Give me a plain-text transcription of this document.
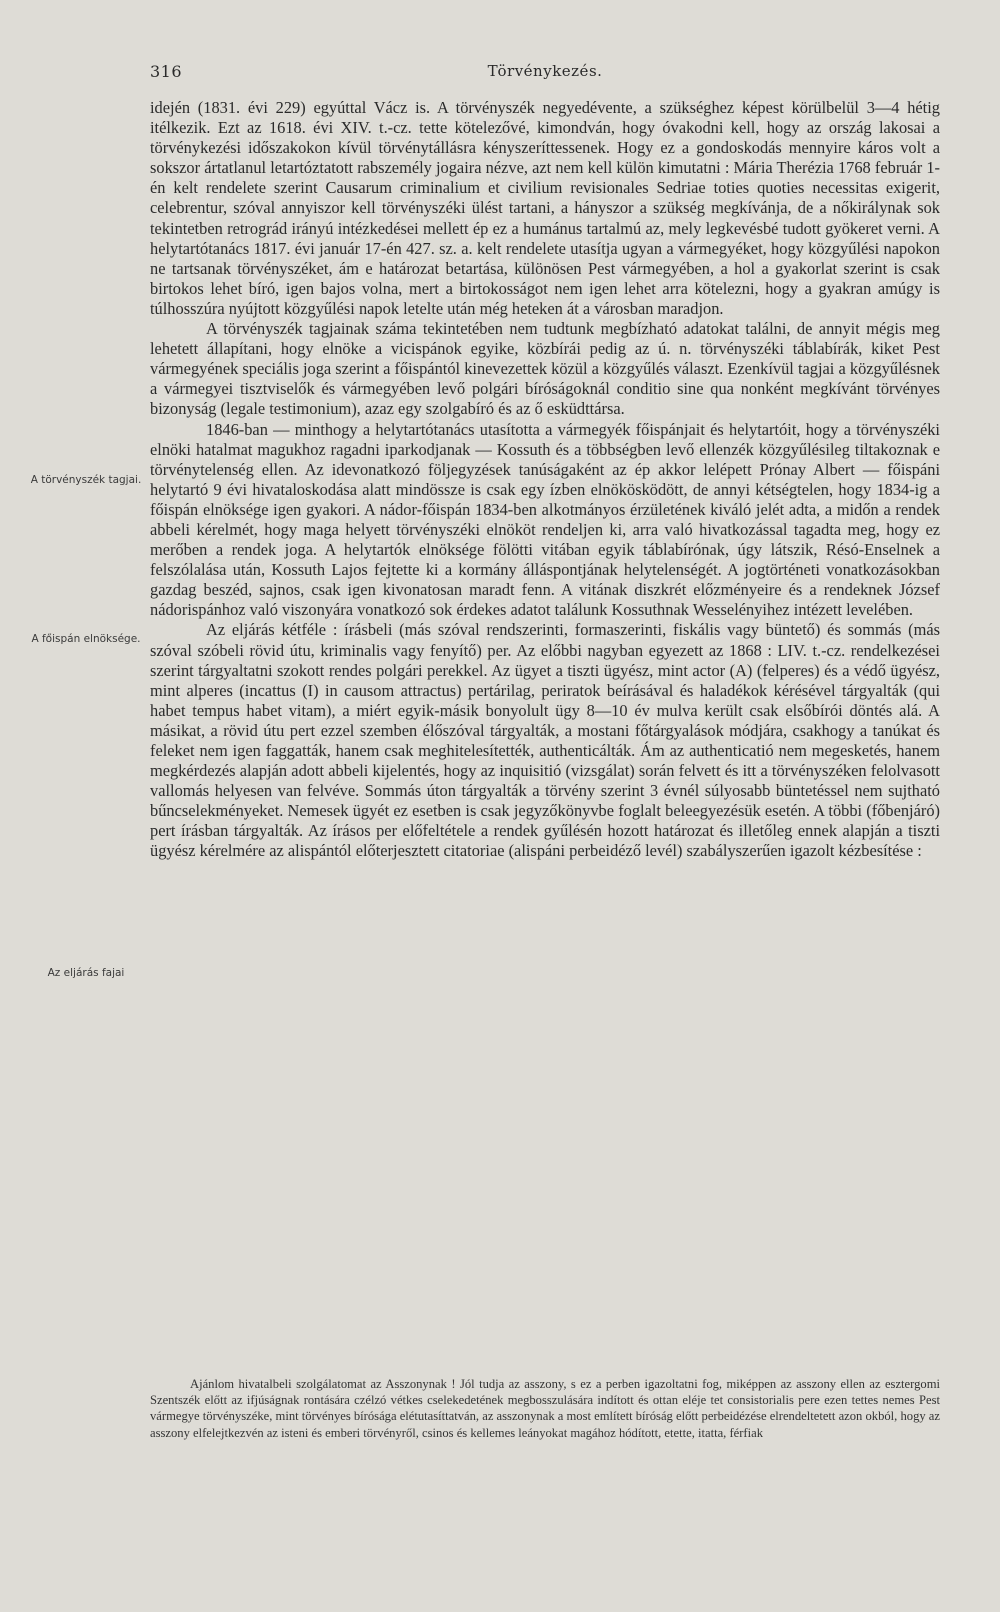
316	Törvénykezés.
A törvényszék tagjai.
A főispán elnöksége.
Az eljárás fajai

idején (1831. évi 229) egyúttal Vácz is. A törvényszék negyedévente, a szükséghez képest körülbelül 3—4 hétig itélkezik. Ezt az 1618. évi XIV. t.-cz. tette kötelezővé, kimondván, hogy óvakodni kell, hogy az ország lakosai a törvénykezési időszakokon kívül törvénytállásra kényszeríttessenek. Hogy ez a gondoskodás mennyire káros volt a sokszor ártatlanul letartóztatott rabszemély jogaira nézve, azt nem kell külön kimutatni : Mária Therézia 1768 február 1-én kelt rendelete szerint Causarum criminalium et civilium revisionales Sedriae toties quoties necessitas exigerit, celebrentur, szóval annyiszor kell törvényszéki ülést tartani, a hányszor a szükség megkívánja, de a nőkirálynak sok tekintetben retrográd irányú intézkedései mellett ép ez a humánus tartalmú az, mely legkevésbé tudott gyökeret verni. A helytartótanács 1817. évi január 17-én 427. sz. a. kelt rendelete utasítja ugyan a vármegyéket, hogy közgyűlési napokon ne tartsanak törvényszéket, ám e határozat betartása, különösen Pest vármegyében, a hol a gyakorlat szerint is csak birtokos lehet bíró, igen bajos volna, mert a birtokosságot nem igen lehet arra kötelezni, hogy a gyakran amúgy is túlhosszúra nyújtott közgyűlési napok letelte után még heteken át a városban maradjon.

A törvényszék tagjainak száma tekintetében nem tudtunk megbízható adatokat találni, de annyit mégis meg lehetett állapítani, hogy elnöke a vicispánok egyike, közbírái pedig az ú. n. törvényszéki táblabírák, kiket Pest vármegyének speciális joga szerint a főispántól kinevezettek közül a közgyűlés választ. Ezenkívül tagjai a közgyűlésnek a vármegyei tisztviselők és vármegyében levő polgári bíróságoknál conditio sine qua nonként megkívánt törvényes bizonyság (legale testimonium), azaz egy szolgabíró és az ő esküdttársa.

1846-ban — minthogy a helytartótanács utasította a vármegyék főispánjait és helytartóit, hogy a törvényszéki elnöki hatalmat magukhoz ragadni iparkodjanak — Kossuth és a többségben levő ellenzék közgyűlésileg tiltakoznak e törvénytelenség ellen. Az idevonatkozó följegyzések tanúságaként az ép akkor lelépett Prónay Albert — főispáni helytartó 9 évi hivataloskodása alatt mindössze is csak egy ízben elnökösködött, de annyi kétségtelen, hogy 1834-ig a főispán elnöksége igen gyakori. A nádor-főispán 1834-ben alkotmányos érzületének kiváló jelét adta, a midőn a rendek abbeli kérelmét, hogy maga helyett törvényszéki elnököt rendeljen ki, arra való hivatkozással tagadta meg, hogy ez merőben a rendek joga. A helytartók elnöksége fölötti vitában egyik táblabírónak, úgy látszik, Résó-Enselnek a felszólalása után, Kossuth Lajos fejtette ki a kormány álláspontjának helytelenségét. A jogtörténeti vonatkozásokban gazdag beszéd, sajnos, csak igen kivonatosan maradt fenn. A vitának diszkrét előzményeire és a rendeknek József nádorispánhoz való viszonyára vonatkozó sok érdekes adatot találunk Kossuthnak Wesselényihez intézett levelében.

Az eljárás kétféle : írásbeli (más szóval rendszerinti, formaszerinti, fiskális vagy büntető) és sommás (más szóval szóbeli rövid útu, kriminalis vagy fenyítő) per. Az előbbi nagyban egyezett az 1868 : LIV. t.-cz. rendelkezései szerint tárgyaltatni szokott rendes polgári perekkel. Az ügyet a tiszti ügyész, mint actor (A) (felperes) és a védő ügyész, mint alperes (incattus (I) in causom attractus) pertárilag, periratok beírásával és haladékok kérésével tárgyalták (qui habet tempus habet vitam), a miért egyik-másik bonyolult ügy 8—10 év mulva került csak elsőbírói döntés alá. A másikat, a rövid útu pert ezzel szemben élőszóval tárgyalták, a mostani főtárgyalások módjára, csakhogy a tanúkat és feleket nem igen faggatták, hanem csak meghitelesítették, authenticálták. Ám az authenticatió nem megesketés, hanem megkérdezés alapján adott abbeli kijelentés, hogy az inquisitió (vizsgálat) során felvett és itt a törvényszéken felolvasott vallomás helyesen van felvéve. Sommás úton tárgyalták a törvény szerint 3 évnél súlyosabb büntetéssel nem sujtható bűncselekményeket. Nemesek ügyét ez esetben is csak jegyzőkönyvbe foglalt beleegyezésük esetén. A többi (főbenjáró) pert írásban tárgyalták. Az írásos per előfeltétele a rendek gyűlésén hozott határozat és illetőleg ennek alapján a tiszti ügyész kérelmére az alispántól előterjesztett citatoriae (alispáni perbeidéző levél) szabályszerűen igazolt kézbesítése :

Ajánlom hivatalbeli szolgálatomat az Asszonynak ! Jól tudja az asszony, s ez a perben igazoltatni fog, miképpen az asszony ellen az esztergomi Szentszék előtt az ifjúságnak rontására czélzó vétkes cselekedetének megbosszulására indított és ottan eléje tet consistorialis pere ezen tettes nemes Pest vármegye törvényszéke, mint törvényes bírósága elétutasíttatván, az asszonynak a most említett bíróság előtt perbeidézése elrendeltetett azon okból, hogy az asszony elfelejtkezvén az isteni és emberi törvényről, csinos és kellemes leányokat magához hódított, etette, itatta, férfiak
